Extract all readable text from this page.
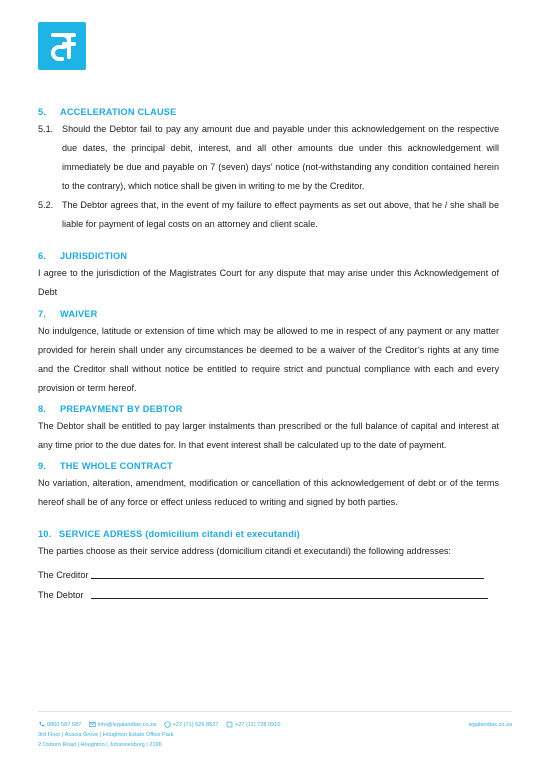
5. ACCELERATION CLAUSE
5.1. Should the Debtor fail to pay any amount due and payable under this acknowledgement on the respective due dates, the principal debit, interest, and all other amounts due under this acknowledgement will immediately be due and payable on 7 (seven) days’ notice (not-withstanding any condition contained herein to the contrary), which notice shall be given in writing to me by the Creditor.
5.2. The Debtor agrees that, in the event of my failure to effect payments as set out above, that he / she shall be liable for payment of legal costs on an attorney and client scale.
6. JURISDICTION

I agree to the jurisdiction of the Magistrates Court for any dispute that may arise under this Acknowledgement of Debt

7. WAIVER

No indulgence, latitude or extension of time which may be allowed to me in respect of any payment or any matter provided for herein shall under any circumstances be deemed to be a waiver of the Creditor’s rights at any time and the Creditor shall without notice be entitled to require strict and punctual compliance with each and every provision or term hereof.

8. PREPAYMENT BY DEBTOR

The Debtor shall be entitled to pay larger instalments than prescribed or the full balance of capital and interest at any time prior to the due dates for. In that event interest shall be calculated up to the date of payment.

9. THE WHOLE CONTRACT

No variation, alteration, amendment, modification or cancellation of this acknowledgement of debt or of the terms hereof shall be of any force or effect unless reduced to writing and signed by both parties.

10. SERVICE ADRESS (domicilium citandi et executandi)

The parties choose as their service address (domicilium citandi et executandi) the following addresses:

The Creditor
The Debtor
0860 587 587	info@legalandtax.co.za	+27 (71) 526 8527	+27 (11) 728 0910	legalandtax.co.za
3rd Floor | Acacia Grove | Houghton Estate Office Park
2 Osborn Road | Houghton | Johannesburg | 2196
